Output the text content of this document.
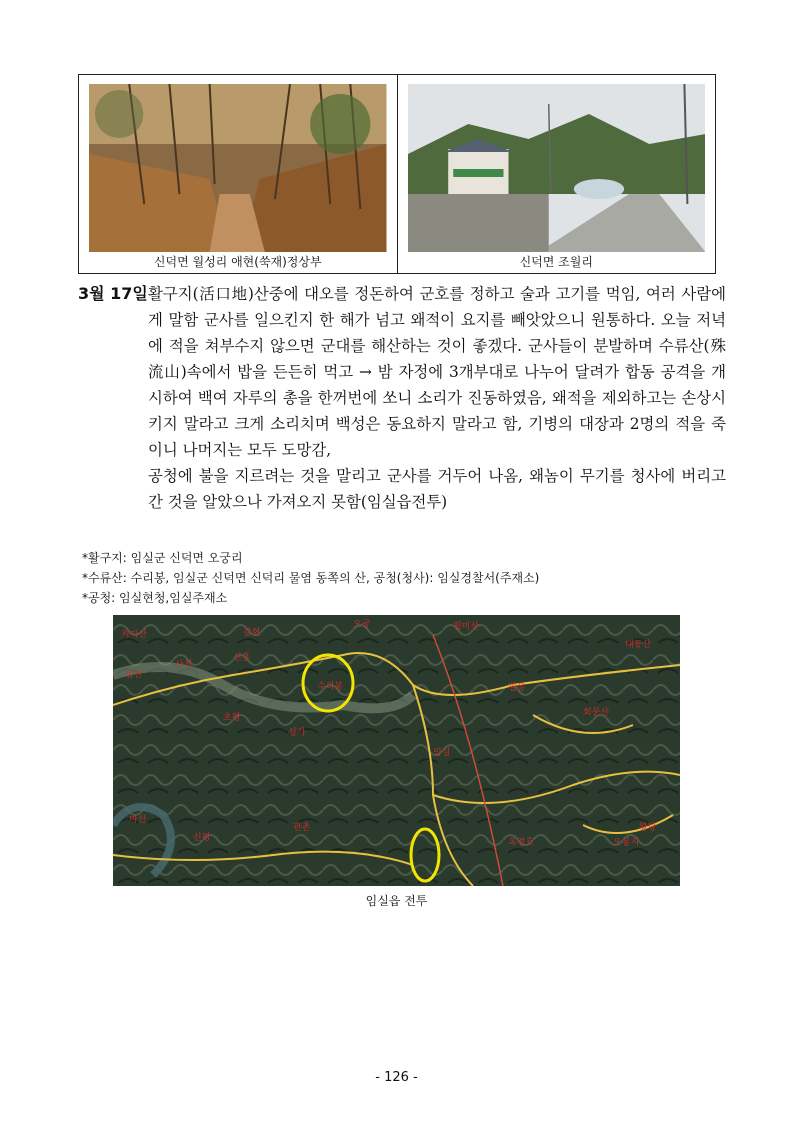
신덕면 월성리 애현(쑥재)정상부	신덕면 조월리
3월 17일 활구지(活口地)산중에 대오를 정돈하여 군호를 정하고 술과 고기를 먹임, 여러 사람에게 말함 군사를 일으킨지 한 해가 넘고 왜적이 요지를 빼앗았으니 원통하다. 오늘 저녁에 적을 쳐부수지 않으면 군대를 해산하는 것이 좋겠다. 군사들이 분발하며 수류산(殊流山)속에서 밥을 든든히 먹고 → 밤 자정에 3개부대로 나누어 달려가 합동 공격을 개시하여 백여 자루의 총을 한꺼번에 쏘니 소리가 진동하였음, 왜적을 제외하고는 손상시키지 말라고 크게 소리치며 백성은 동요하지 말라고 함, 기병의 대장과 2명의 적을 죽이니 나머지는 모두 도망감,

공청에 불을 지르려는 것을 말리고 군사를 거두어 나옴, 왜놈이 무기를 청사에 버리고 간 것을 알았으나 가져오지 못함(임실읍전투)

*활구지: 임실군 신덕면 오궁리
*수류산: 수리봉, 임실군 신덕면 신덕리 물염 동쪽의 산, 공청(청사): 임실경찰서(주재소)
*공청: 임실현청,임실주재소
지마산
사천
삼산
신흥
월미산
대동산
오봉지
왕방
필봉
초평
갈현
성가
오궁
신평
임실
마산
옥정호
관촌
회문산
수리봉
임실읍 전투
- 126 -
